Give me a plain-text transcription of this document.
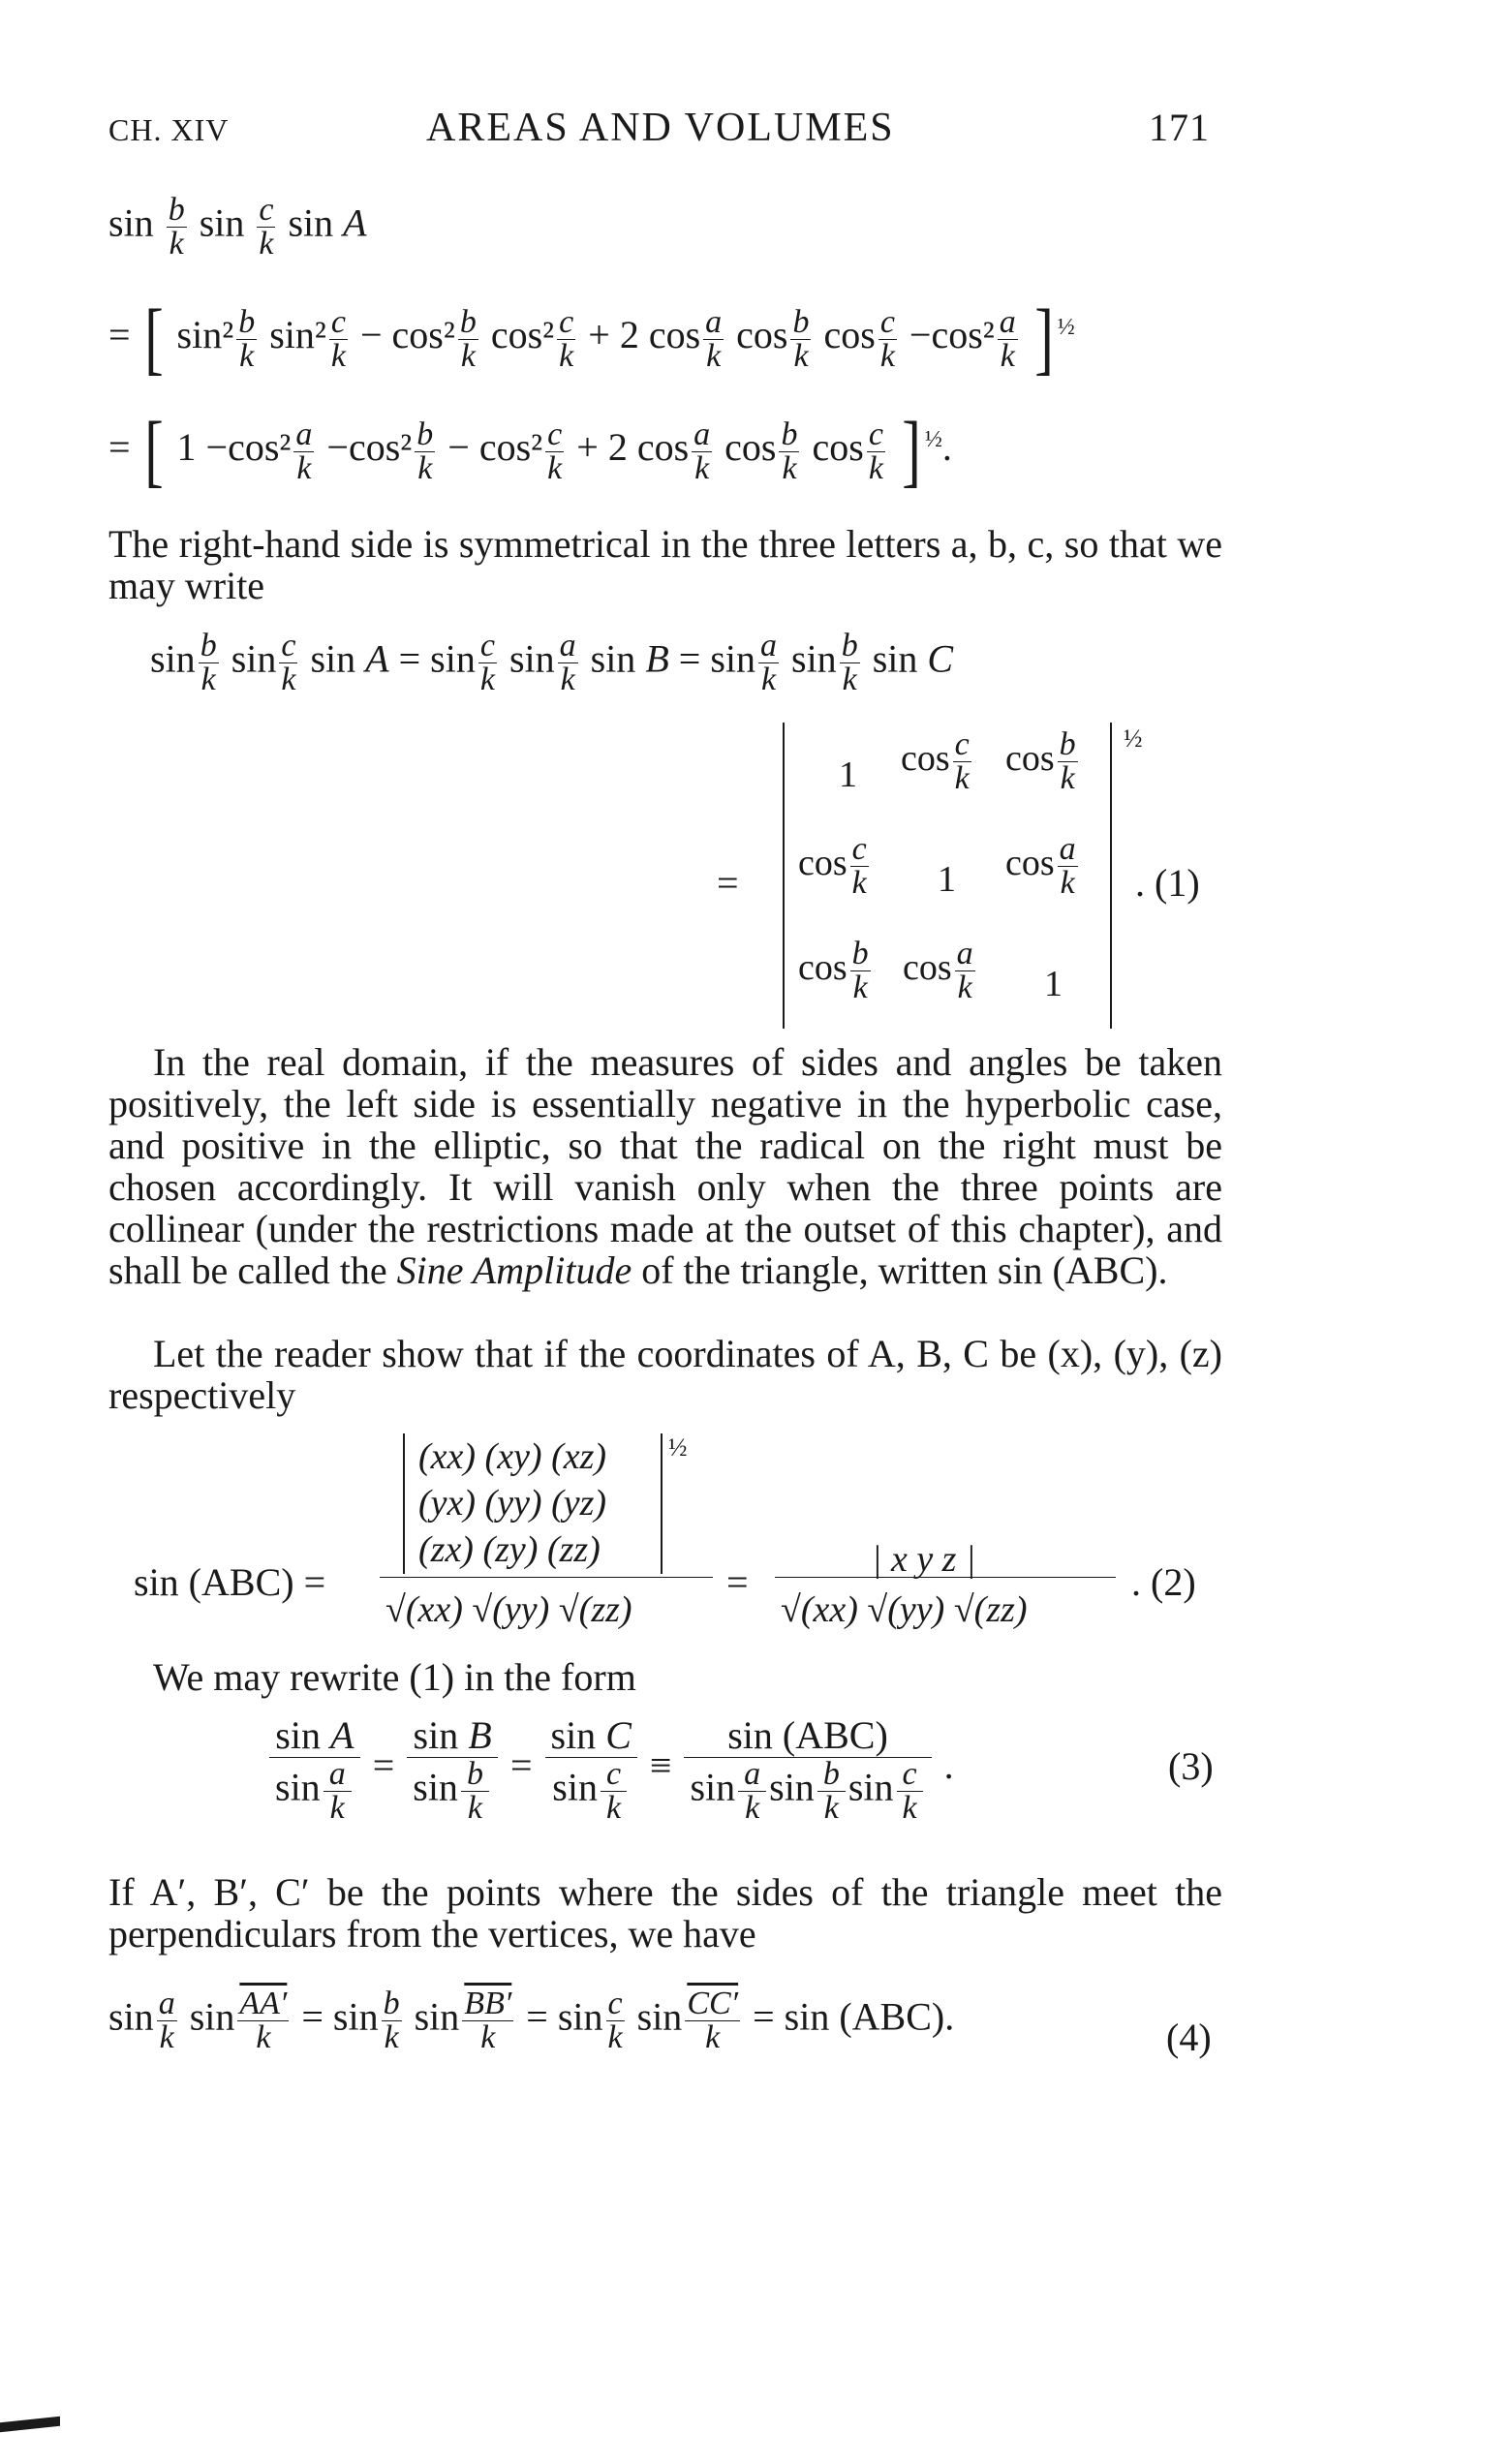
CH. XIV	AREAS AND VOLUMES	171
$\sin \frac{b}{k}$ $\sin \frac{c}{k}$ sin A
= [ $\sin^2 \frac{b}{k} \sin^2 \frac{c}{k} - \cos^2 \frac{b}{k} \cos^2 \frac{c}{k} + 2$ $\cos \frac{a}{k}$ $\cos \frac{b}{k}$ $\cos \frac{c}{k} -\cos^2 \frac{a}{k}$ ] $^{\frac{1}{2}}$
= [ $1 -\cos^2 \frac{a}{k} -\cos^2 \frac{b}{k} - \cos^2 \frac{c}{k} + 2$ $\cos \frac{a}{k}$ $\cos \frac{b}{k}$ $\cos \frac{c}{k}$ ] $^{\frac{1}{2}}$.
The right-hand side is symmetrical in the three letters a, b, c, so that we may write
$\sin \frac{b}{k}$ $\sin \frac{c}{k}$ $\sin A = \sin \frac{c}{k}$ $\sin \frac{a}{k}$ $\sin B = \sin \frac{a}{k}$ $\sin \frac{b}{k}$ sin C
=
1 $\cos \frac{c}{k}$ $\cos \frac{b}{k}$
$\cos \frac{c}{k} 1$ $\cos \frac{a}{k}$
$\cos \frac{b}{k}$ $\cos \frac{a}{k} 1$
½
. (1)
In the real domain, if the measures of sides and angles be taken positively, the left side is essentially negative in the hyperbolic case, and positive in the elliptic, so that the radical on the right must be chosen accordingly. It will vanish only when the three points are collinear (under the restrictions made at the outset of this chapter), and shall be called the Sine Amplitude of the triangle, written sin (ABC).
Let the reader show that if the coordinates of A, B, C be (x), (y), (z) respectively
sin (ABC) =
(xx) (xy) (xz)
(yx) (yy) (yz)
(zx) (zy) (zz)
½
√(xx) √(yy) √(zz)
=
| x y z |
√(xx) √(yy) √(zz)
. (2)
We may rewrite (1) in the form
$\frac{\text{sin A}}{\sin \frac{a}{k}} = \frac{\text{sin B}}{\sin \frac{b}{k}} = \frac{\text{sin C}}{\sin \frac{c}{k}}$ ≡
sin (ABC)
$\sin \frac{a}{k}$ $\sin \frac{b}{k}$ $\sin \frac{c}{k}$ .	(3)
If A′, B′, C′ be the points where the sides of the triangle meet the perpendiculars from the vertices, we have
$\sin \frac{a}{k}$ $\sin \frac{AA'}{k} = \sin \frac{b}{k}$ $\sin \frac{BB'}{k} = \sin \frac{c}{k}$ $\sin \frac{CC'}{k} = \sin (ABC)$.	(4)
